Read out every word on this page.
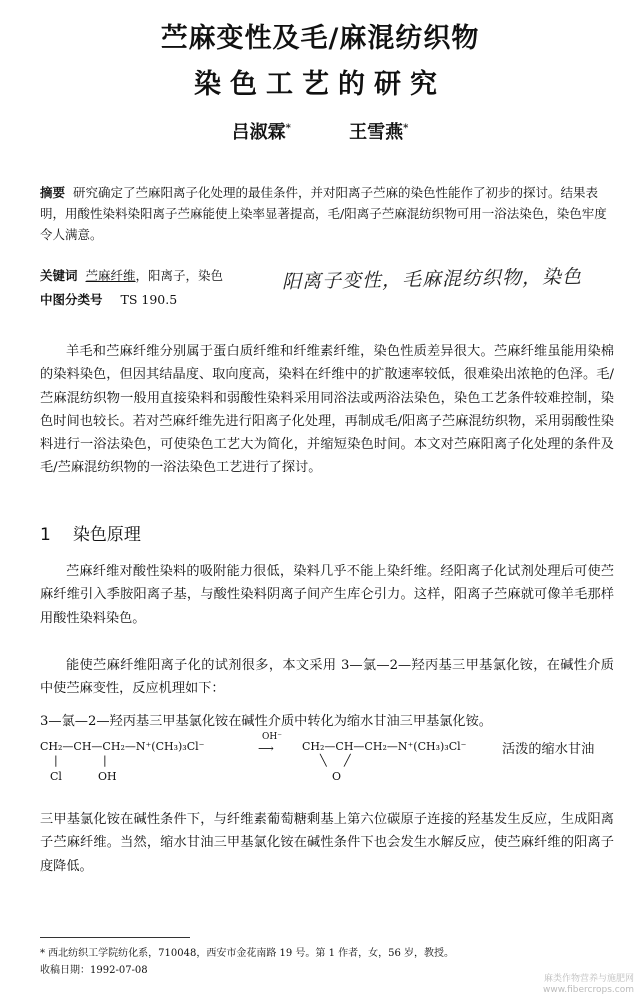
苎麻变性及毛/麻混纺织物
染色工艺的研究
吕淑霖*	王雪燕*
摘要 研究确定了苎麻阳离子化处理的最佳条件，并对阳离子苎麻的染色性能作了初步的探讨。结果表明，用酸性染料染阳离子苎麻能使上染率显著提高，毛/阳离子苎麻混纺织物可用一浴法染色，染色牢度令人满意。
关键词 苎麻纤维，阳离子，染色	阳离子变性，毛麻混纺织物，染色
中图分类号 TS 190.5
羊毛和苎麻纤维分别属于蛋白质纤维和纤维素纤维，染色性质差异很大。苎麻纤维虽能用染棉的染料染色，但因其结晶度、取向度高，染料在纤维中的扩散速率较低，很难染出浓艳的色泽。毛/苎麻混纺织物一般用直接染料和弱酸性染料采用同浴法或两浴法染色，染色工艺条件较难控制，染色时间也较长。若对苎麻纤维先进行阳离子化处理，再制成毛/阳离子苎麻混纺织物，采用弱酸性染料进行一浴法染色，可使染色工艺大为简化，并缩短染色时间。本文对苎麻阳离子化处理的条件及毛/苎麻混纺织物的一浴法染色工艺进行了探讨。
1 染色原理
苎麻纤维对酸性染料的吸附能力很低，染料几乎不能上染纤维。经阳离子化试剂处理后可使苎麻纤维引入季胺阳离子基，与酸性染料阴离子间产生库仑引力。这样，阳离子苎麻就可像羊毛那样用酸性染料染色。
能使苎麻纤维阳离子化的试剂很多，本文采用 3—氯—2—羟丙基三甲基氯化铵，在碱性介质中使苎麻变性，反应机理如下：
3—氯—2—羟丙基三甲基氯化铵在碱性介质中转化为缩水甘油三甲基氯化铵。
CH₂—CH—CH₂—N⁺(CH₃)₃Cl⁻
|	|
Cl	OH
OH⁻
⟶	CH₂—CH—CH₂—N⁺(CH₃)₃Cl⁻
╲ ╱
O
活泼的缩水甘油
三甲基氯化铵在碱性条件下，与纤维素葡萄糖剩基上第六位碳原子连接的羟基发生反应，生成阳离子苎麻纤维。当然，缩水甘油三甲基氯化铵在碱性条件下也会发生水解反应，使苎麻纤维的阳离子度降低。
* 西北纺织工学院纺化系，710048，西安市金花南路 19 号。第 1 作者，女，56 岁，教授。
收稿日期：1992-07-08
麻类作物营养与施肥网
www.fibercrops.com
